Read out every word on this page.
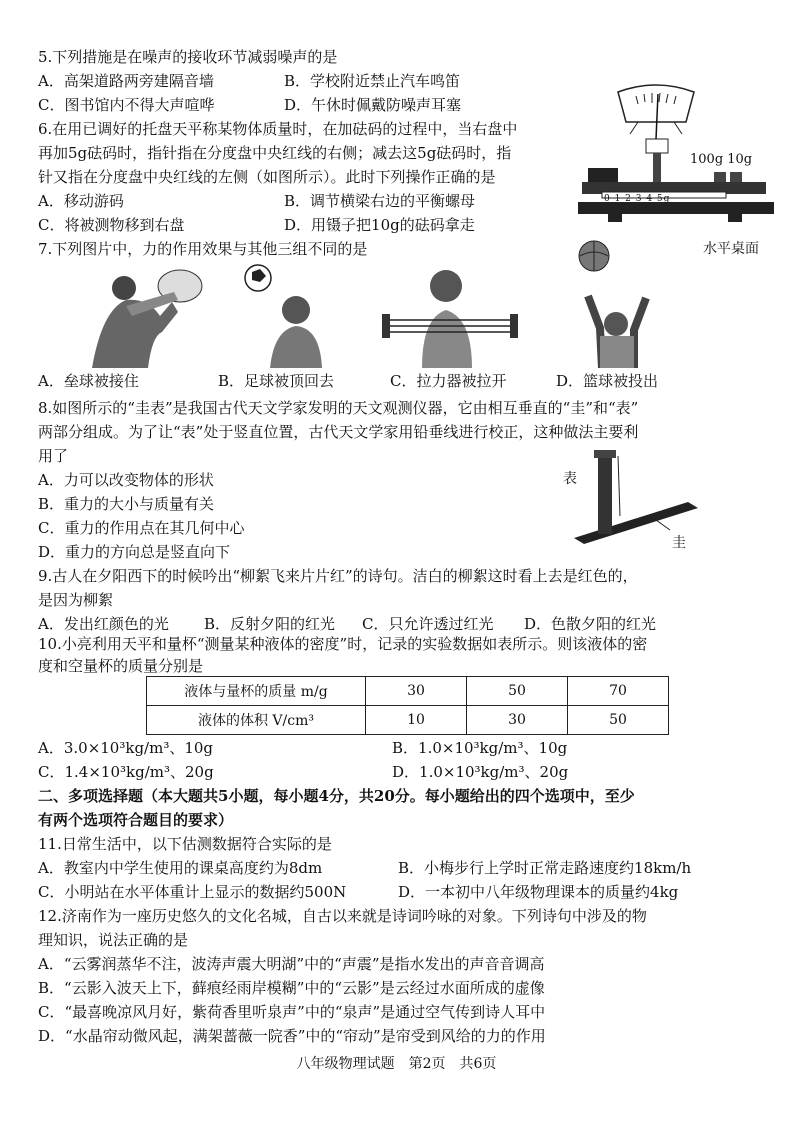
5.下列措施是在噪声的接收环节减弱噪声的是
A．高架道路两旁建隔音墙	B．学校附近禁止汽车鸣笛
C．图书馆内不得大声喧哗	D．午休时佩戴防噪声耳塞
6.在用已调好的托盘天平称某物体质量时，在加砝码的过程中，当右盘中
再加5g砝码时，指针指在分度盘中央红线的右侧；减去这5g砝码时，指
针又指在分度盘中央红线的左侧（如图所示）。此时下列操作正确的是
A．移动游码	B．调节横梁右边的平衡螺母
C．将被测物移到右盘	D．用镊子把10g的砝码拿走
100g 10g
0 1 2 3 4 5g
水平桌面
7.下列图片中，力的作用效果与其他三组不同的是
A．垒球被接住	B．足球被顶回去	C．拉力器被拉开	D．篮球被投出
8.如图所示的“圭表”是我国古代天文学家发明的天文观测仪器，它由相互垂直的“圭”和“表”
两部分组成。为了让“表”处于竖直位置，古代天文学家用铅垂线进行校正，这种做法主要利
用了
A．力可以改变物体的形状
B．重力的大小与质量有关
C．重力的作用点在其几何中心
D．重力的方向总是竖直向下
表
圭
9.古人在夕阳西下的时候吟出“柳絮飞来片片红”的诗句。洁白的柳絮这时看上去是红色的，
是因为柳絮
A．发出红颜色的光 B．反射夕阳的红光 C．只允许透过红光 D．色散夕阳的红光
10.小亮利用天平和量杯“测量某种液体的密度”时，记录的实验数据如表所示。则该液体的密
度和空量杯的质量分别是
液体与量杯的质量 m/g	30	50	70
液体的体积 V/cm³	10	30	50
A．3.0×10³kg/m³、10g	B．1.0×10³kg/m³、10g
C．1.4×10³kg/m³、20g	D．1.0×10³kg/m³、20g
二、多项选择题（本大题共5小题，每小题4分，共20分。每小题给出的四个选项中，至少
有两个选项符合题目的要求）
11.日常生活中，以下估测数据符合实际的是
A．教室内中学生使用的课桌高度约为8dm	B．小梅步行上学时正常走路速度约18km/h
C．小明站在水平体重计上显示的数据约500N	D．一本初中八年级物理课本的质量约4kg
12.济南作为一座历史悠久的文化名城，自古以来就是诗词吟咏的对象。下列诗句中涉及的物
理知识，说法正确的是
A．“云雾润蒸华不注，波涛声震大明湖”中的“声震”是指水发出的声音音调高
B．“云影入波天上下，藓痕经雨岸模糊”中的“云影”是云经过水面所成的虚像
C．“最喜晚凉风月好，紫荷香里听泉声”中的“泉声”是通过空气传到诗人耳中
D．“水晶帘动微风起，满架蔷薇一院香”中的“帘动”是帘受到风给的力的作用
八年级物理试题　第2页　共6页
